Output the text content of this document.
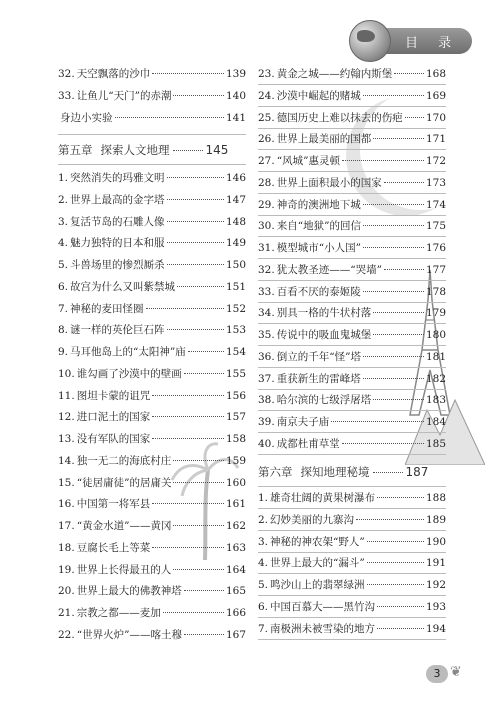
目 录
32. 天空飘落的沙巾	139
33. 让鱼儿“天门”的赤潮	140
身边小实验	141
第五章 探索人文地理	145
1. 突然消失的玛雅文明	146
2. 世界上最高的金字塔	147
3. 复活节岛的石雕人像	148
4. 魅力独特的日本和服	149
5. 斗兽场里的惨烈厮杀	150
6. 故宫为什么又叫紫禁城	151
7. 神秘的麦田怪圈	152
8. 谜一样的英伦巨石阵	153
9. 马耳他岛上的“太阳神”庙	154
10. 谁勾画了沙漠中的壁画	155
11. 图坦卡蒙的诅咒	156
12. 进口泥土的国家	157
13. 没有军队的国家	158
14. 独一无二的海底村庄	159
15. “徒居庸徒”的居庸关	160
16. 中国第一将军县	161
17. “黄金水道”——黄冈	162
18. 豆腐长毛上等菜	163
19. 世界上长得最丑的人	164
20. 世界上最大的佛教神塔	165
21. 宗教之都——麦加	166
22. “世界火炉”——喀土穆	167
23. 黄金之城——约翰内斯堡	168
24. 沙漠中崛起的赌城	169
25. 德国历史上难以抹去的伤疤 170
26. 世界上最美丽的国都	171
27. “风城”惠灵顿	172
28. 世界上面积最小的国家	173
29. 神奇的澳洲地下城	174
30. 来自“地狱”的回信	175
31. 模型城市“小人国”	176
32. 犹太教圣迹——“哭墙”	177
33. 百看不厌的泰姬陵	178
34. 别具一格的牛状村落	179
35. 传说中的吸血鬼城堡	180
36. 倒立的千年“怪”塔	181
37. 重获新生的雷峰塔	182
38. 哈尔滨的七级浮屠塔	183
39. 南京夫子庙	184
40. 成都杜甫草堂	185
第六章 探知地理秘境	187
1. 雄奇壮阔的黄果树瀑布	188
2. 幻妙美丽的九寨沟	189
3. 神秘的神农架“野人”	190
4. 世界上最大的“漏斗”	191
5. 鸣沙山上的翡翠绿洲	192
6. 中国百慕大——黑竹沟	193
7. 南极洲未被雪染的地方	194
3 ❦
